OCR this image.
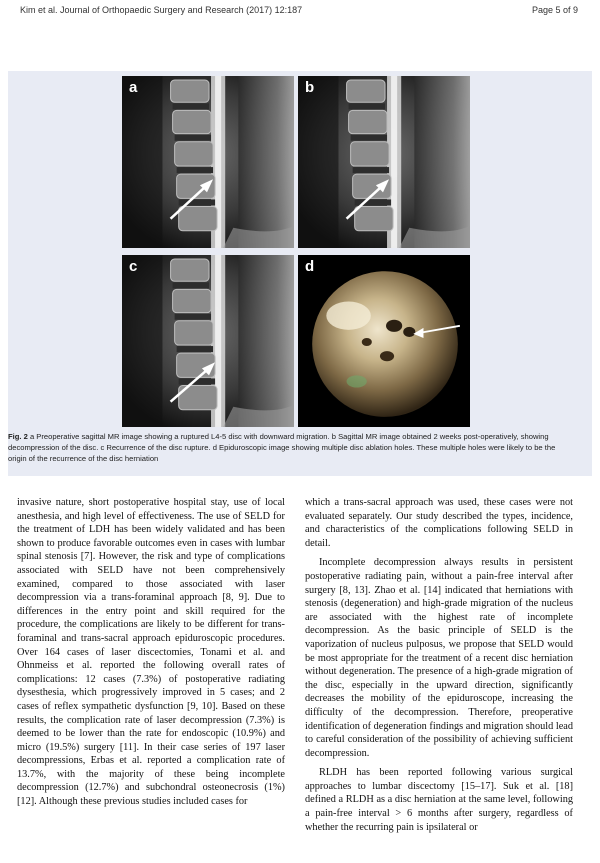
Kim et al. Journal of Orthopaedic Surgery and Research (2017) 12:187	Page 5 of 9
a	b
c	d
Fig. 2 a Preoperative sagittal MR image showing a ruptured L4-5 disc with downward migration. b Sagittal MR image obtained 2 weeks post-operatively, showing decompression of the disc. c Recurrence of the disc rupture. d Epiduroscopic image showing multiple disc ablation holes. These multiple holes were likely to be the origin of the recurrence of the disc herniation

invasive nature, short postoperative hospital stay, use of local anesthesia, and high level of effectiveness. The use of SELD for the treatment of LDH has been widely validated and has been shown to produce favorable outcomes even in cases with lumbar spinal stenosis [7]. However, the risk and type of complications associated with SELD have not been comprehensively examined, compared to those associated with laser decompression via a trans-foraminal approach [8, 9]. Due to differences in the entry point and skill required for the procedure, the complications are likely to be different for trans-foraminal and trans-sacral approach epiduroscopic procedures. Over 164 cases of laser discectomies, Tonami et al. and Ohnmeiss et al. reported the following overall rates of complications: 12 cases (7.3%) of postoperative radiating dysesthesia, which progressively improved in 5 cases; and 2 cases of reflex sympathetic dysfunction [9, 10]. Based on these results, the complication rate of laser decompression (7.3%) is deemed to be lower than the rate for endoscopic (10.9%) and micro (19.5%) surgery [11]. In their case series of 197 laser decompressions, Erbas et al. reported a complication rate of 13.7%, with the majority of these being incomplete decompression (12.7%) and subchondral osteonecrosis (1%) [12]. Although these previous studies included cases for

which a trans-sacral approach was used, these cases were not evaluated separately. Our study described the types, incidence, and characteristics of the complications following SELD in detail.

Incomplete decompression always results in persistent postoperative radiating pain, without a pain-free interval after surgery [8, 13]. Zhao et al. [14] indicated that herniations with stenosis (degeneration) and high-grade migration of the nucleus are associated with the highest rate of incomplete decompression. As the basic principle of SELD is the vaporization of nucleus pulposus, we propose that SELD would be most appropriate for the treatment of a recent disc herniation without degeneration. The presence of a high-grade migration of the disc, especially in the upward direction, significantly decreases the mobility of the epiduroscope, increasing the difficulty of the decompression. Therefore, preoperative identification of degeneration findings and migration should lead to careful consideration of the possibility of achieving sufficient decompression.

RLDH has been reported following various surgical approaches to lumbar discectomy [15–17]. Suk et al. [18] defined a RLDH as a disc herniation at the same level, following a pain-free interval > 6 months after surgery, regardless of whether the recurring pain is ipsilateral or
